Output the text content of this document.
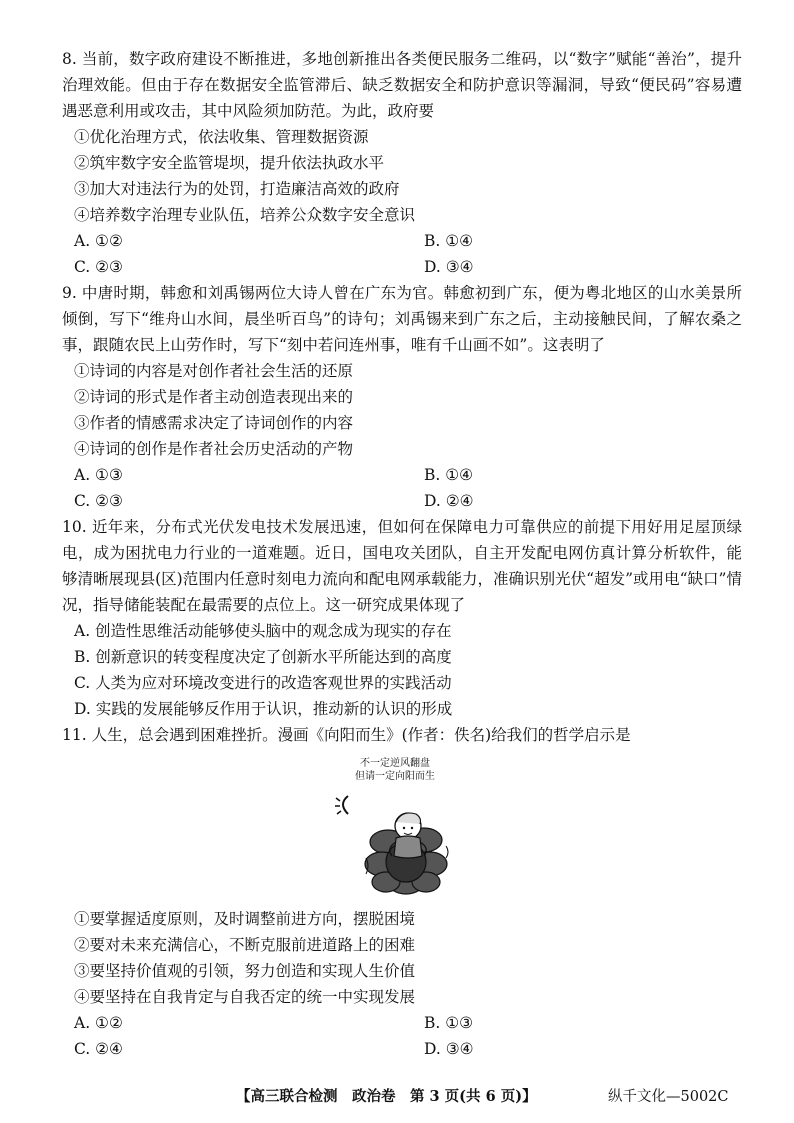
8. 当前，数字政府建设不断推进，多地创新推出各类便民服务二维码，以“数字”赋能“善治”，提升治理效能。但由于存在数据安全监管滞后、缺乏数据安全和防护意识等漏洞，导致“便民码”容易遭遇恶意利用或攻击，其中风险须加防范。为此，政府要
①优化治理方式，依法收集、管理数据资源
②筑牢数字安全监管堤坝，提升依法执政水平
③加大对违法行为的处罚，打造廉洁高效的政府
④培养数字治理专业队伍，培养公众数字安全意识
A. ①②	B. ①④
C. ②③	D. ③④
9. 中唐时期，韩愈和刘禹锡两位大诗人曾在广东为官。韩愈初到广东，便为粤北地区的山水美景所倾倒，写下“维舟山水间，晨坐听百鸟”的诗句；刘禹锡来到广东之后，主动接触民间，了解农桑之事，跟随农民上山劳作时，写下“刻中若问连州事，唯有千山画不如”。这表明了
①诗词的内容是对创作者社会生活的还原
②诗词的形式是作者主动创造表现出来的
③作者的情感需求决定了诗词创作的内容
④诗词的创作是作者社会历史活动的产物
A. ①③	B. ①④
C. ②③	D. ②④
10. 近年来，分布式光伏发电技术发展迅速，但如何在保障电力可靠供应的前提下用好用足屋顶绿电，成为困扰电力行业的一道难题。近日，国电攻关团队，自主开发配电网仿真计算分析软件，能够清晰展现县(区)范围内任意时刻电力流向和配电网承载能力，准确识别光伏“超发”或用电“缺口”情况，指导储能装配在最需要的点位上。这一研究成果体现了
A. 创造性思维活动能够使头脑中的观念成为现实的存在
B. 创新意识的转变程度决定了创新水平所能达到的高度
C. 人类为应对环境改变进行的改造客观世界的实践活动
D. 实践的发展能够反作用于认识，推动新的认识的形成
11. 人生，总会遇到困难挫折。漫画《向阳而生》(作者：佚名)给我们的哲学启示是
不一定逆风翻盘
但请一定向阳而生
①要掌握适度原则，及时调整前进方向，摆脱困境
②要对未来充满信心，不断克服前进道路上的困难
③要坚持价值观的引领，努力创造和实现人生价值
④要坚持在自我肯定与自我否定的统一中实现发展
A. ①②	B. ①③
C. ②④	D. ③④
【高三联合检测　政治卷　第 3 页(共 6 页)】	纵千文化—5002C
